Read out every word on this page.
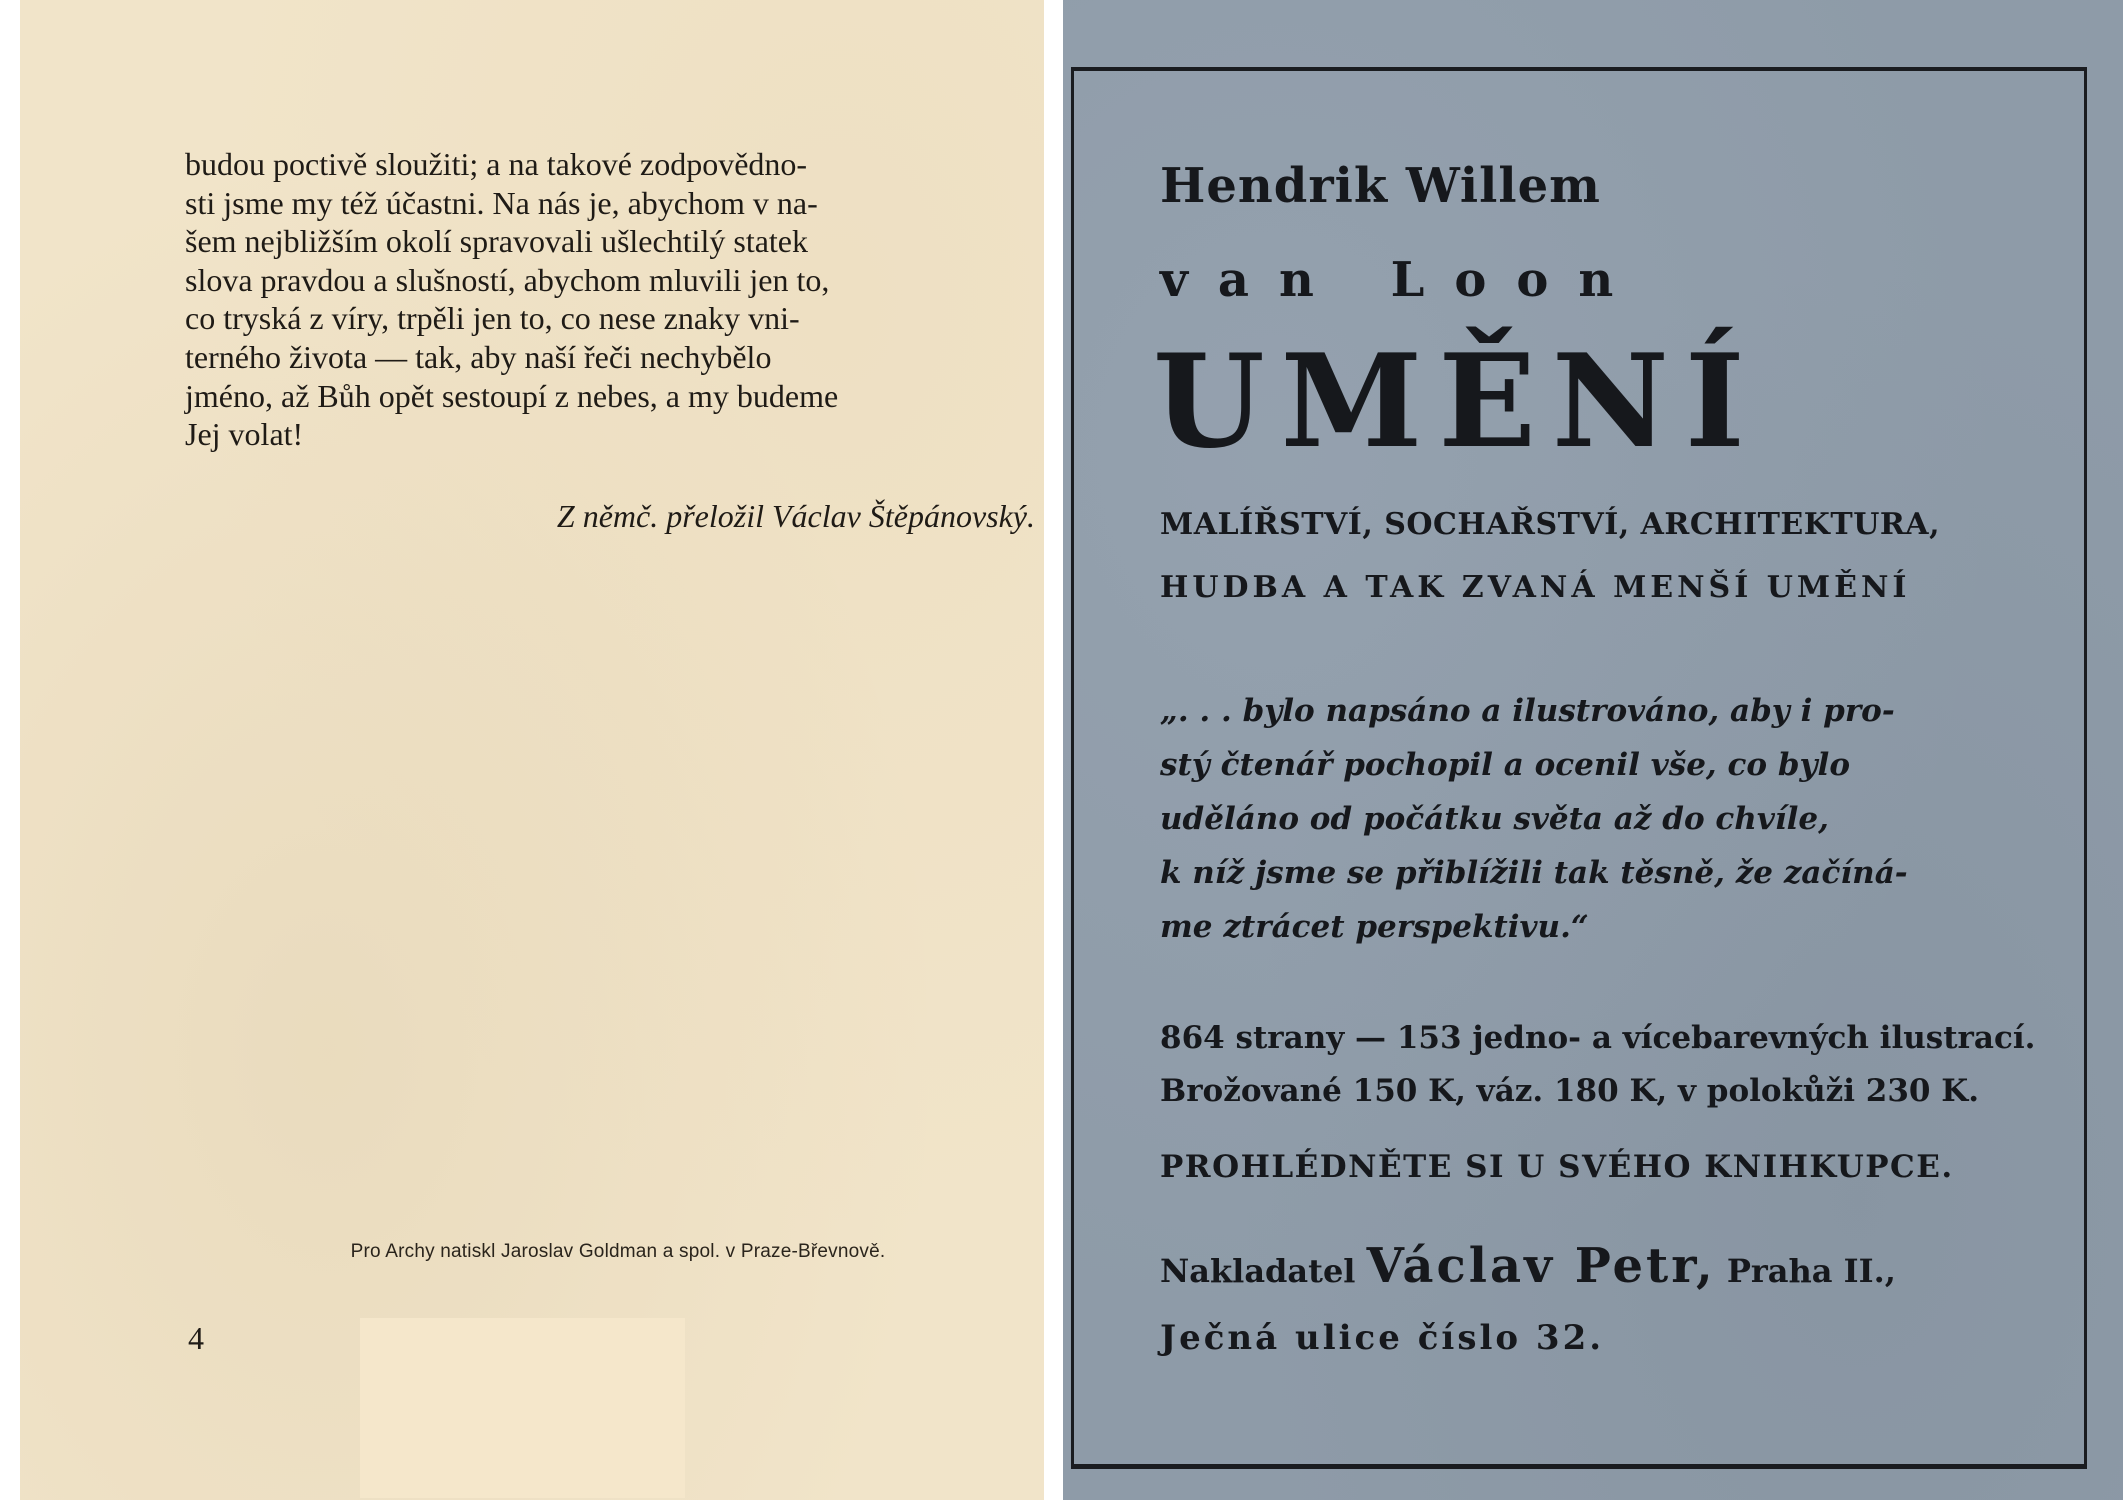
budou poctivě sloužiti; a na takové zodpovědno-

sti jsme my též účastni. Na nás je, abychom v na-

šem nejbližším okolí spravovali ušlechtilý statek

slova pravdou a slušností, abychom mluvili jen to,

co tryská z víry, trpěli jen to, co nese znaky vni-

terného života — tak, aby naší řeči nechybělo

jméno, až Bůh opět sestoupí z nebes, a my budeme

Jej volat!

Z němč. přeložil Václav Štěpánovský.
Pro Archy natiskl Jaroslav Goldman a spol. v Praze-Břevnově.
4
Hendrik Willem
van Loon
UMĚNÍ
MALÍŘSTVÍ, SOCHAŘSTVÍ, ARCHITEKTURA,
HUDBA A TAK ZVANÁ MENŠÍ UMĚNÍ

„. . . bylo napsáno a ilustrováno, aby i pro-

stý čtenář pochopil a ocenil vše, co bylo

uděláno od počátku světa až do chvíle,

k níž jsme se přiblížili tak těsně, že začíná-

me ztrácet perspektivu.“

864 strany — 153 jedno- a vícebarevných ilustrací.
Brožované 150 K, váz. 180 K, v polokůži 230 K.
PROHLÉDNĚTE SI U SVÉHO KNIHKUPCE.
Nakladatel Václav Petr, Praha II.,
Ječná ulice číslo 32.
